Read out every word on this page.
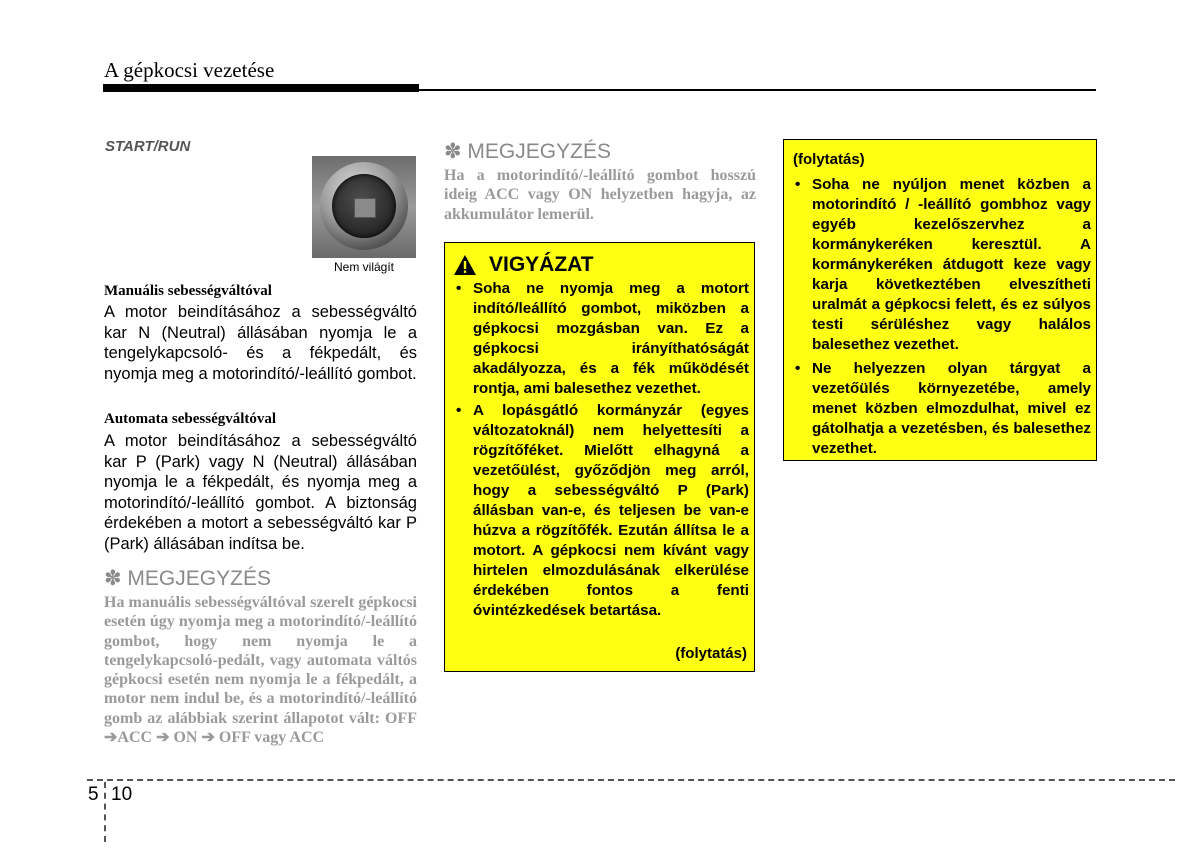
A gépkocsi vezetése
START/RUN
Nem világít
Manuális sebességváltóval
A motor beindításához a sebességváltó kar N (Neutral) állásában nyomja le a tengelykapcsoló- és a fékpedált, és nyomja meg a motorindító/-leállító gombot.
Automata sebességváltóval
A motor beindításához a sebességváltó kar P (Park) vagy N (Neutral) állásában nyomja le a fékpedált, és nyomja meg a motorindító/-leállító gombot. A biztonság érdekében a motort a sebességváltó kar P (Park) állásában indítsa be.
✽ MEGJEGYZÉS
Ha manuális sebességváltóval szerelt gépkocsi esetén úgy nyomja meg a motorindító/-leállító gombot, hogy nem nyomja le a tengelykapcsoló-pedált, vagy automata váltós gépkocsi esetén nem nyomja le a fékpedált, a motor nem indul be, és a motorindító/-leállító gomb az alábbiak szerint állapotot vált: OFF ➔ACC ➔ ON ➔ OFF vagy ACC
✽ MEGJEGYZÉS
Ha a motorindító/-leállító gombot hosszú ideig ACC vagy ON helyzetben hagyja, az akkumulátor lemerül.
VIGYÁZAT
• Soha ne nyomja meg a motort indító/leállító gombot, miközben a gépkocsi mozgásban van. Ez a gépkocsi irányíthatóságát akadályozza, és a fék működését rontja, ami balesethez vezethet.
• A lopásgátló kormányzár (egyes változatoknál) nem helyettesíti a rögzítőféket. Mielőtt elhagyná a vezetőülést, győződjön meg arról, hogy a sebességváltó P (Park) állásban van-e, és teljesen be van-e húzva a rögzítőfék. Ezután állítsa le a motort. A gépkocsi nem kívánt vagy hirtelen elmozdulásának elkerülése érdekében fontos a fenti óvintézkedések betartása.
(folytatás)
(folytatás)
• Soha ne nyúljon menet közben a motorindító / -leállító gombhoz vagy egyéb kezelőszervhez a kormánykeréken keresztül. A kormánykeréken átdugott keze vagy karja következtében elveszítheti uralmát a gépkocsi felett, és ez súlyos testi sérüléshez vagy halálos balesethez vezethet.
• Ne helyezzen olyan tárgyat a vezetőülés környezetébe, amely menet közben elmozdulhat, mivel ez gátolhatja a vezetésben, és balesethez vezethet.
5 10
